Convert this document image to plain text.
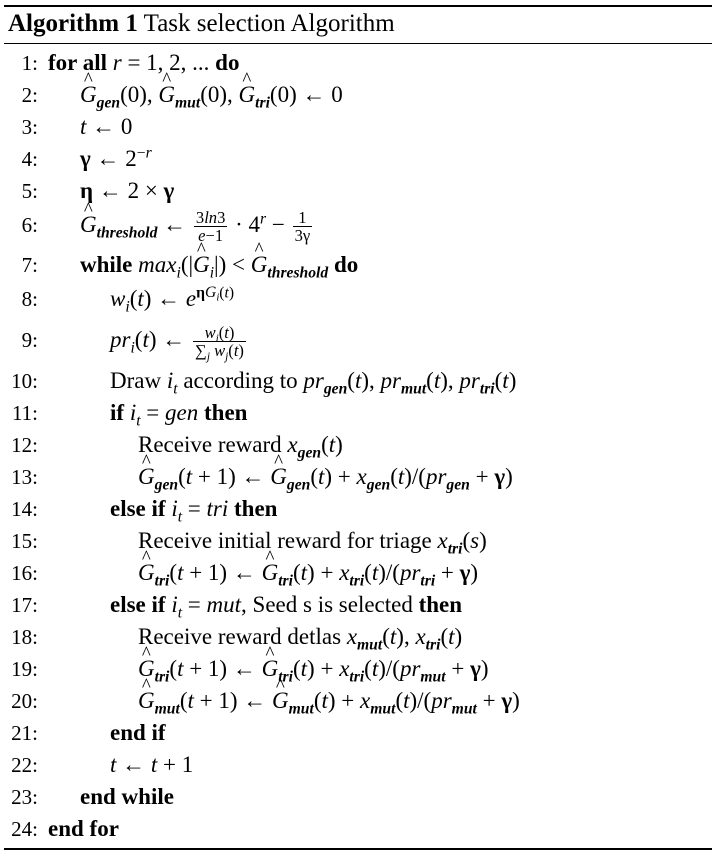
Algorithm 1 Task selection Algorithm
1: for all r = 1, 2, ... do
2: ^ $G_{gen}(0)$, ^ $G_{mut}(0)$, ^ $G_{tri}(0)$ ← 0
3: t ← 0
4: γ ← $2^{-r}$
5: η ← 2 × γ
6: ^ $G_{threshold}$ ← $\frac{3\ln 3}{e-1} \cdot 4^r - \frac{1}{3\gamma}$
7: while $\max_i(|\^{}$ $G_i|$) < ^ $G_{threshold}$ do
8:	$w_i(t)$ ← $e^{\eta G_i(t)}$
9:	$pr_i(t)$ ← $\frac{w_i(t)}{\sum_j w_j(t)}$
10:	Draw $i_t$ according to $pr_{gen}(t)$, $pr_{mut}(t)$, $pr_{tri}(t)$
11:	if $i_t$ = gen then
12:	Receive reward $x_{gen}(t)$
13:	^ $G_{gen}(t + 1)$ ← ^ $G_{gen}(t) + x_{gen}(t)/(pr_{gen} + \gamma)$
14:	else if $i_t$ = tri then
15:	Receive initial reward for triage $x_{tri}(s)$
16:	^ $G_{tri}(t + 1)$ ← ^ $G_{tri}(t) + x_{tri}(t)/(pr_{tri} + \gamma)$
17:	else if $i_t$ = mut, Seed s is selected then
18:	Receive reward detlas $x_{mut}(t)$, $x_{tri}(t)$
19:	^ $G_{tri}(t + 1)$ ← ^ $G_{tri}(t) + x_{tri}(t)/(pr_{mut} + \gamma)$
20:	^ $G_{mut}(t + 1)$ ← ^ $G_{mut}(t) + x_{mut}(t)/(pr_{mut} + \gamma)$
21:	end if
22:	t ← t + 1
23: end while
24: end for
